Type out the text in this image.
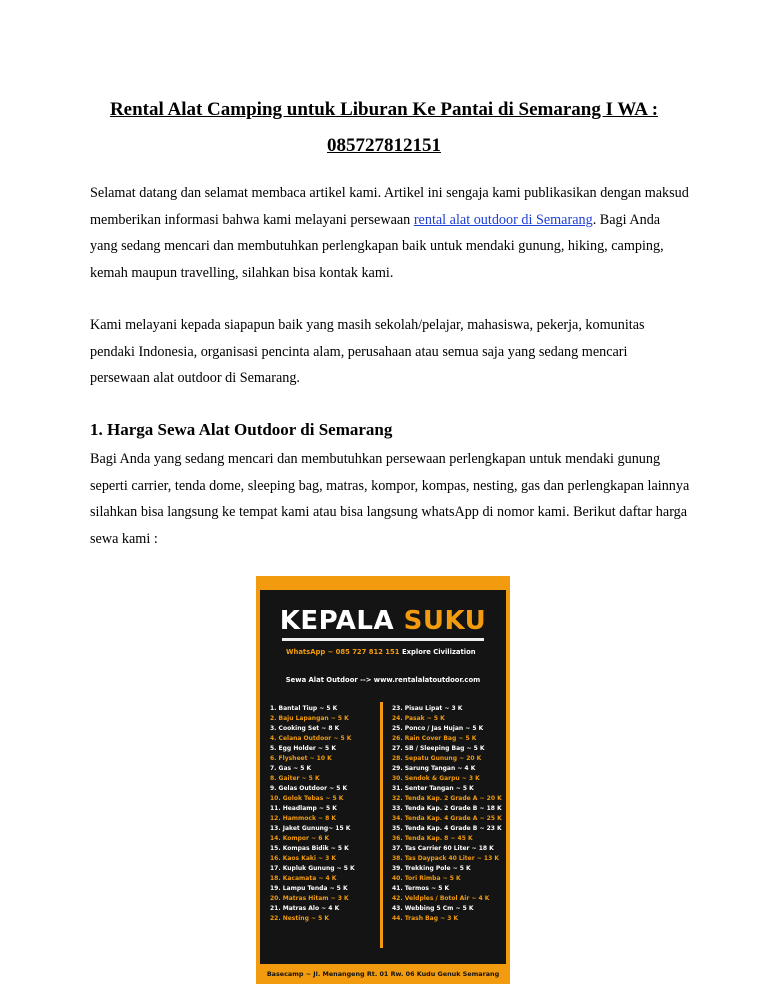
Rental Alat Camping untuk Liburan Ke Pantai di Semarang I WA : 085727812151
Selamat datang dan selamat membaca artikel kami. Artikel ini sengaja kami publikasikan dengan maksud memberikan informasi bahwa kami melayani persewaan rental alat outdoor di Semarang. Bagi Anda yang sedang mencari dan membutuhkan perlengkapan baik untuk mendaki gunung, hiking, camping, kemah maupun travelling, silahkan bisa kontak kami.
Kami melayani kepada siapapun baik yang masih sekolah/pelajar, mahasiswa, pekerja, komunitas pendaki Indonesia, organisasi pencinta alam, perusahaan atau semua saja yang sedang mencari persewaan alat outdoor di Semarang.
1. Harga Sewa Alat Outdoor di Semarang
Bagi Anda yang sedang mencari dan membutuhkan persewaan perlengkapan untuk mendaki gunung seperti carrier, tenda dome, sleeping bag, matras, kompor, kompas, nesting, gas dan perlengkapan lainnya silahkan bisa langsung ke tempat kami atau bisa langsung whatsApp di nomor kami. Berikut daftar harga sewa kami :
KEPALA SUKU
WhatsApp ~ 085 727 812 151 Explore Civilization
Sewa Alat Outdoor --> www.rentalalatoutdoor.com
1. Bantal Tiup ~ 5 K
2. Baju Lapangan ~ 5 K
3. Cooking Set ~ 8 K
4. Celana Outdoor ~ 5 K
5. Egg Holder ~ 5 K
6. Flysheet ~ 10 K
7. Gas ~ 5 K
8. Gaiter ~ 5 K
9. Gelas Outdoor ~ 5 K
10. Golok Tebas ~ 5 K
11. Headlamp ~ 5 K
12. Hammock ~ 8 K
13. Jaket Gunung~ 15 K
14. Kompor ~ 6 K
15. Kompas Bidik ~ 5 K
16. Kaos Kaki ~ 3 K
17. Kupluk Gunung ~ 5 K
18. Kacamata ~ 4 K
19. Lampu Tenda ~ 5 K
20. Matras Hitam ~ 3 K
21. Matras Alo ~ 4 K
22. Nesting ~ 5 K
23. Pisau Lipat ~ 3 K
24. Pasak ~ 5 K
25. Ponco / Jas Hujan ~ 5 K
26. Rain Cover Bag ~ 5 K
27. SB / Sleeping Bag ~ 5 K
28. Sepatu Gunung ~ 20 K
29. Sarung Tangan ~ 4 K
30. Sendok & Garpu ~ 3 K
31. Senter Tangan ~ 5 K
32. Tenda Kap. 2 Grade A ~ 20 K
33. Tenda Kap. 2 Grade B ~ 18 K
34. Tenda Kap. 4 Grade A ~ 25 K
35. Tenda Kap. 4 Grade B ~ 23 K
36. Tenda Kap. 8 ~ 45 K
37. Tas Carrier 60 Liter ~ 18 K
38. Tas Daypack 40 Liter ~ 13 K
39. Trekking Pole ~ 5 K
40. Tori Rimba ~ 5 K
41. Termos ~ 5 K
42. Veldples / Botol Air ~ 4 K
43. Webbing 5 Cm ~ 5 K
44. Trash Bag ~ 3 K
Basecamp ~ Jl. Menangeng Rt. 01 Rw. 06 Kudu Genuk Semarang
